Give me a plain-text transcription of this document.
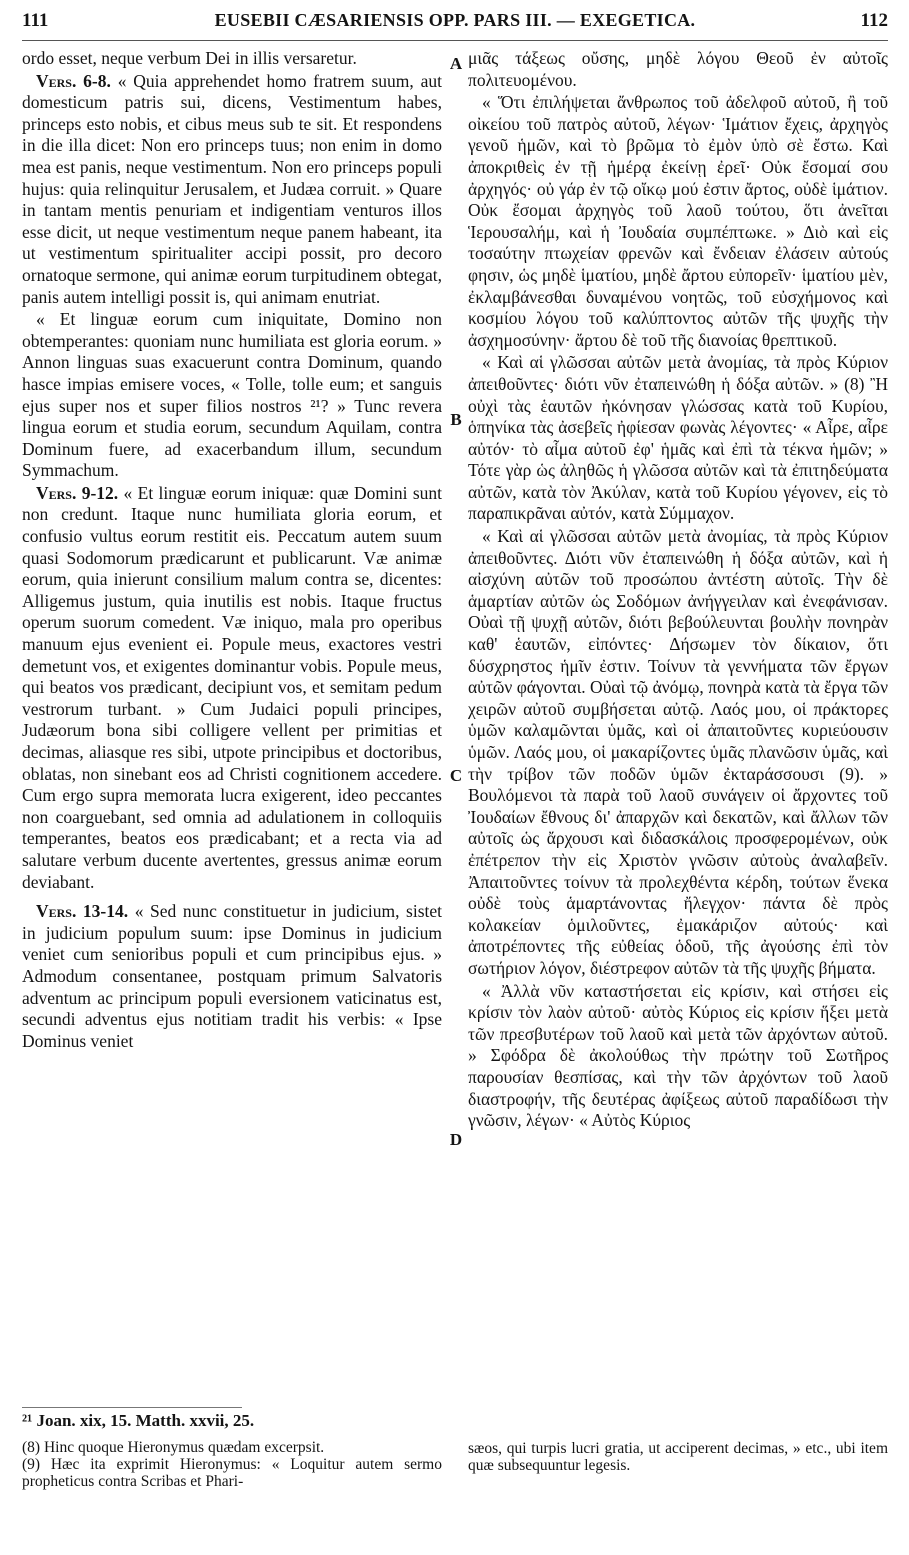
111	EUSEBII CÆSARIENSIS OPP. PARS III. — EXEGETICA.	112

ordo esset, neque verbum Dei in illis versaretur.

Vers. 6-8. « Quia apprehendet homo fratrem suum, aut domesticum patris sui, dicens, Vestimentum habes, princeps esto nobis, et cibus meus sub te sit. Et respondens in die illa dicet: Non ero princeps tuus; non enim in domo mea est panis, neque vestimentum. Non ero princeps populi hujus: quia relinquitur Jerusalem, et Judæa corruit. » Quare in tantam mentis penuriam et indigentiam venturos illos esse dicit, ut neque vestimentum neque panem habeant, ita ut vestimentum spiritualiter accipi possit, pro decoro ornatoque sermone, qui animæ eorum turpitudinem obtegat, panis autem intelligi possit is, qui animam enutriat.

« Et linguæ eorum cum iniquitate, Domino non obtemperantes: quoniam nunc humiliata est gloria eorum. » Annon linguas suas exacuerunt contra Dominum, quando hasce impias emisere voces, « Tolle, tolle eum; et sanguis ejus super nos et super filios nostros ²¹? » Tunc revera lingua eorum et studia eorum, secundum Aquilam, contra Dominum fuere, ad exacerbandum illum, secundum Symmachum.

Vers. 9-12. « Et linguæ eorum iniquæ: quæ Domini sunt non credunt. Itaque nunc humiliata gloria eorum, et confusio vultus eorum restitit eis. Peccatum autem suum quasi Sodomorum prædicarunt et publicarunt. Væ animæ eorum, quia inierunt consilium malum contra se, dicentes: Alligemus justum, quia inutilis est nobis. Itaque fructus operum suorum comedent. Væ iniquo, mala pro operibus manuum ejus evenient ei. Popule meus, exactores vestri demetunt vos, et exigentes dominantur vobis. Popule meus, qui beatos vos prædicant, decipiunt vos, et semitam pedum vestrorum turbant. » Cum Judaici populi principes, Judæorum bona sibi colligere vellent per primitias et decimas, aliasque res sibi, utpote principibus et doctoribus, oblatas, non sinebant eos ad Christi cognitionem accedere. Cum ergo supra memorata lucra exigerent, ideo peccantes non coarguebant, sed omnia ad adulationem in colloquiis temperantes, beatos eos prædicabant; et a recta via ad salutare verbum ducente avertentes, gressus animæ eorum deviabant.

Vers. 13-14. « Sed nunc constituetur in judicium, sistet in judicium populum suum: ipse Dominus in judicium veniet cum senioribus populi et cum principibus ejus. » Admodum consentanee, postquam primum Salvatoris adventum ac principum populi eversionem vaticinatus est, secundi adventus ejus notitiam tradit his verbis: « Ipse Dominus veniet

A
B
C
D

μιᾶς τάξεως οὔσης, μηδὲ λόγου Θεοῦ ἐν αὐτοῖς πολιτευομένου.

« Ὅτι ἐπιλήψεται ἄνθρωπος τοῦ ἀδελφοῦ αὐτοῦ, ἢ τοῦ οἰκείου τοῦ πατρὸς αὐτοῦ, λέγων· Ἱμάτιον ἔχεις, ἀρχηγὸς γενοῦ ἡμῶν, καὶ τὸ βρῶμα τὸ ἐμὸν ὑπὸ σὲ ἔστω. Καὶ ἀποκριθεὶς ἐν τῇ ἡμέρᾳ ἐκείνῃ ἐρεῖ· Οὐκ ἔσομαί σου ἀρχηγός· οὐ γάρ ἐν τῷ οἴκῳ μού ἐστιν ἄρτος, οὐδὲ ἱμάτιον. Οὐκ ἔσομαι ἀρχηγὸς τοῦ λαοῦ τούτου, ὅτι ἀνεῖται Ἱερουσαλήμ, καὶ ἡ Ἰουδαία συμπέπτωκε. » Διὸ καὶ εἰς τοσαύτην πτωχείαν φρενῶν καὶ ἔνδειαν ἐλάσειν αὐτούς φησιν, ὡς μηδὲ ἱματίου, μηδὲ ἄρτου εὐπορεῖν· ἱματίου μὲν, ἐκλαμβάνεσθαι δυναμένου νοητῶς, τοῦ εὐσχήμονος καὶ κοσμίου λόγου τοῦ καλύπτοντος αὐτῶν τῆς ψυχῆς τὴν ἀσχημοσύνην· ἄρτου δὲ τοῦ τῆς διανοίας θρεπτικοῦ.

« Καὶ αἱ γλῶσσαι αὐτῶν μετὰ ἀνομίας, τὰ πρὸς Κύριον ἀπειθοῦντες· διότι νῦν ἐταπεινώθη ἡ δόξα αὐτῶν. » (8) Ἢ οὐχὶ τὰς ἑαυτῶν ἠκόνησαν γλώσσας κατὰ τοῦ Κυρίου, ὁπηνίκα τὰς ἀσεβεῖς ἠφίεσαν φωνὰς λέγοντες· « Αἶρε, αἶρε αὐτόν· τὸ αἷμα αὐτοῦ ἐφ' ἡμᾶς καὶ ἐπὶ τὰ τέκνα ἡμῶν; » Τότε γὰρ ὡς ἀληθῶς ἡ γλῶσσα αὐτῶν καὶ τὰ ἐπιτηδεύματα αὐτῶν, κατὰ τὸν Ἀκύλαν, κατὰ τοῦ Κυρίου γέγονεν, εἰς τὸ παραπικρᾶναι αὐτόν, κατὰ Σύμμαχον.

« Καὶ αἱ γλῶσσαι αὐτῶν μετὰ ἀνομίας, τὰ πρὸς Κύριον ἀπειθοῦντες. Διότι νῦν ἐταπεινώθη ἡ δόξα αὐτῶν, καὶ ἡ αἰσχύνη αὐτῶν τοῦ προσώπου ἀντέστη αὐτοῖς. Τὴν δὲ ἁμαρτίαν αὐτῶν ὡς Σοδόμων ἀνήγγειλαν καὶ ἐνεφάνισαν. Οὐαὶ τῇ ψυχῇ αὐτῶν, διότι βεβούλευνται βουλὴν πονηρὰν καθ' ἑαυτῶν, εἰπόντες· Δήσωμεν τὸν δίκαιον, ὅτι δύσχρηστος ἡμῖν ἐστιν. Τοίνυν τὰ γεννήματα τῶν ἔργων αὐτῶν φάγονται. Οὐαὶ τῷ ἀνόμῳ, πονηρὰ κατὰ τὰ ἔργα τῶν χειρῶν αὐτοῦ συμβήσεται αὐτῷ. Λαός μου, οἱ πράκτορες ὑμῶν καλαμῶνται ὑμᾶς, καὶ οἱ ἀπαιτοῦντες κυριεύουσιν ὑμῶν. Λαός μου, οἱ μακαρίζοντες ὑμᾶς πλανῶσιν ὑμᾶς, καὶ τὴν τρίβον τῶν ποδῶν ὑμῶν ἐκταράσσουσι (9). » Βουλόμενοι τὰ παρὰ τοῦ λαοῦ συνάγειν οἱ ἄρχοντες τοῦ Ἰουδαίων ἔθνους δι' ἀπαρχῶν καὶ δεκατῶν, καὶ ἄλλων τῶν αὐτοῖς ὡς ἄρχουσι καὶ διδασκάλοις προσφερομένων, οὐκ ἐπέτρεπον τὴν εἰς Χριστὸν γνῶσιν αὐτοὺς ἀναλαβεῖν. Ἀπαιτοῦντες τοίνυν τὰ προλεχθέντα κέρδη, τούτων ἕνεκα οὐδὲ τοὺς ἁμαρτάνοντας ἤλεγχον· πάντα δὲ πρὸς κολακείαν ὁμιλοῦντες, ἐμακάριζον αὐτούς· καὶ ἀποτρέποντες τῆς εὐθείας ὁδοῦ, τῆς ἀγούσης ἐπὶ τὸν σωτήριον λόγον, διέστρεφον αὐτῶν τὰ τῆς ψυχῆς βήματα.

« Ἀλλὰ νῦν καταστήσεται εἰς κρίσιν, καὶ στήσει εἰς κρίσιν τὸν λαὸν αὐτοῦ· αὐτὸς Κύριος εἰς κρίσιν ἥξει μετὰ τῶν πρεσβυτέρων τοῦ λαοῦ καὶ μετὰ τῶν ἀρχόντων αὐτοῦ. » Σφόδρα δὲ ἀκολούθως τὴν πρώτην τοῦ Σωτῆρος παρουσίαν θεσπίσας, καὶ τὴν τῶν ἀρχόντων τοῦ λαοῦ διαστροφήν, τῆς δευτέρας ἀφίξεως αὐτοῦ παραδίδωσι τὴν γνῶσιν, λέγων· « Αὐτὸς Κύριος

²¹ Joan. xix, 15. Matth. xxvii, 25.
(8) Hinc quoque Hieronymus quædam excerpsit.
(9) Hæc ita exprimit Hieronymus: « Loquitur autem sermo propheticus contra Scribas et Phari-
sæos, qui turpis lucri gratia, ut acciperent decimas, » etc., ubi item quæ subsequuntur legesis.
